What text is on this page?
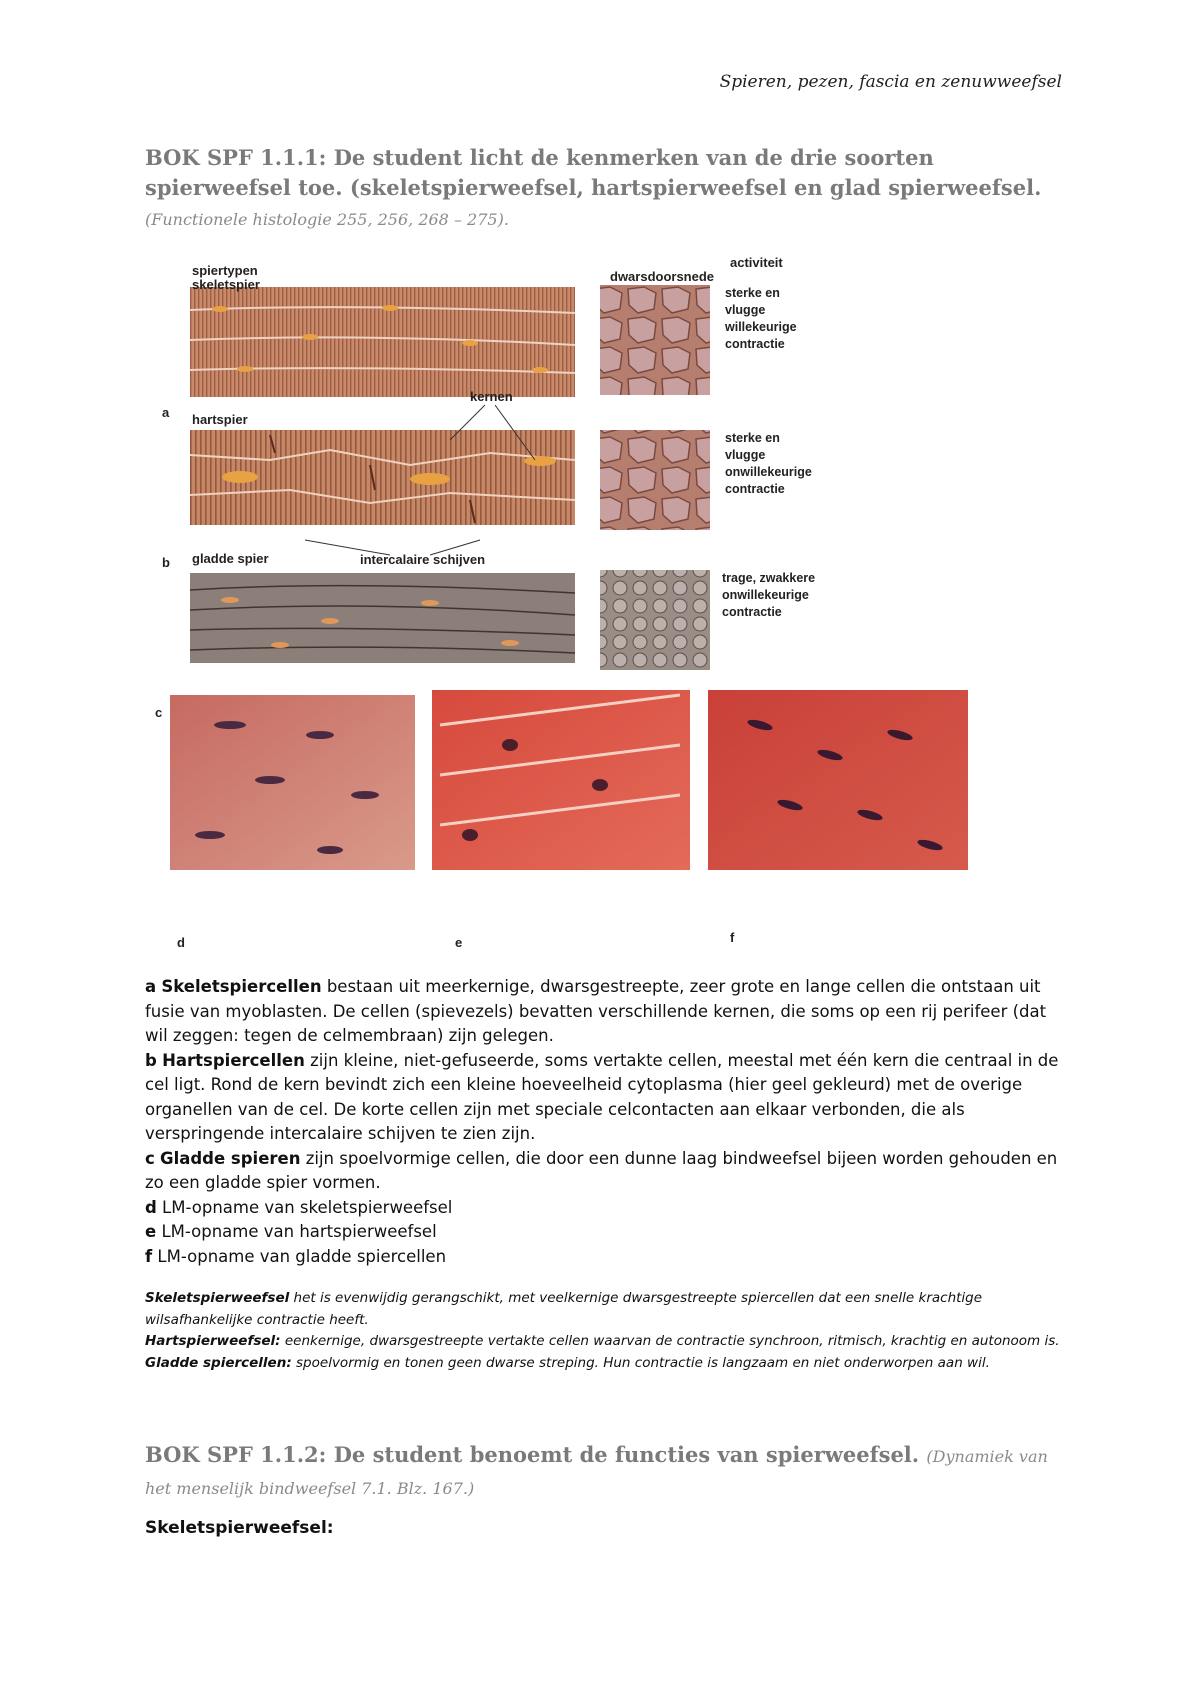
Spieren, pezen, fascia en zenuwweefsel
BOK SPF 1.1.1: De student licht de kenmerken van de drie soorten spierweefsel toe. (skeletspierweefsel, hartspierweefsel en glad spierweefsel. (Functionele histologie 255, 256, 268 – 275).
spiertypen
activiteit
dwarsdoorsnede
skeletspier
hartspier
gladde spier
kernen
intercalaire schijven
sterke en
vlugge
willekeurige
contractie
sterke en
vlugge
onwillekeurige
contractie
trage, zwakkere
onwillekeurige
contractie
a
b
c
d	e	f

a Skeletspiercellen bestaan uit meerkernige, dwarsgestreepte, zeer grote en lange cellen die ontstaan uit fusie van myoblasten. De cellen (spievezels) bevatten verschillende kernen, die soms op een rij perifeer (dat wil zeggen: tegen de celmembraan) zijn gelegen.

b Hartspiercellen zijn kleine, niet-gefuseerde, soms vertakte cellen, meestal met één kern die centraal in de cel ligt. Rond de kern bevindt zich een kleine hoeveelheid cytoplasma (hier geel gekleurd) met de overige organellen van de cel. De korte cellen zijn met speciale celcontacten aan elkaar verbonden, die als verspringende intercalaire schijven te zien zijn.

c Gladde spieren zijn spoelvormige cellen, die door een dunne laag bindweefsel bijeen worden gehouden en zo een gladde spier vormen.

d LM-opname van skeletspierweefsel

e LM-opname van hartspierweefsel

f LM-opname van gladde spiercellen

Skeletspierweefsel het is evenwijdig gerangschikt, met veelkernige dwarsgestreepte spiercellen dat een snelle krachtige wilsafhankelijke contractie heeft.

Hartspierweefsel: eenkernige, dwarsgestreepte vertakte cellen waarvan de contractie synchroon, ritmisch, krachtig en autonoom is.

Gladde spiercellen: spoelvormig en tonen geen dwarse streping. Hun contractie is langzaam en niet onderworpen aan wil.

BOK SPF 1.1.2: De student benoemt de functies van spierweefsel. (Dynamiek van het menselijk bindweefsel 7.1. Blz. 167.)
Skeletspierweefsel:
